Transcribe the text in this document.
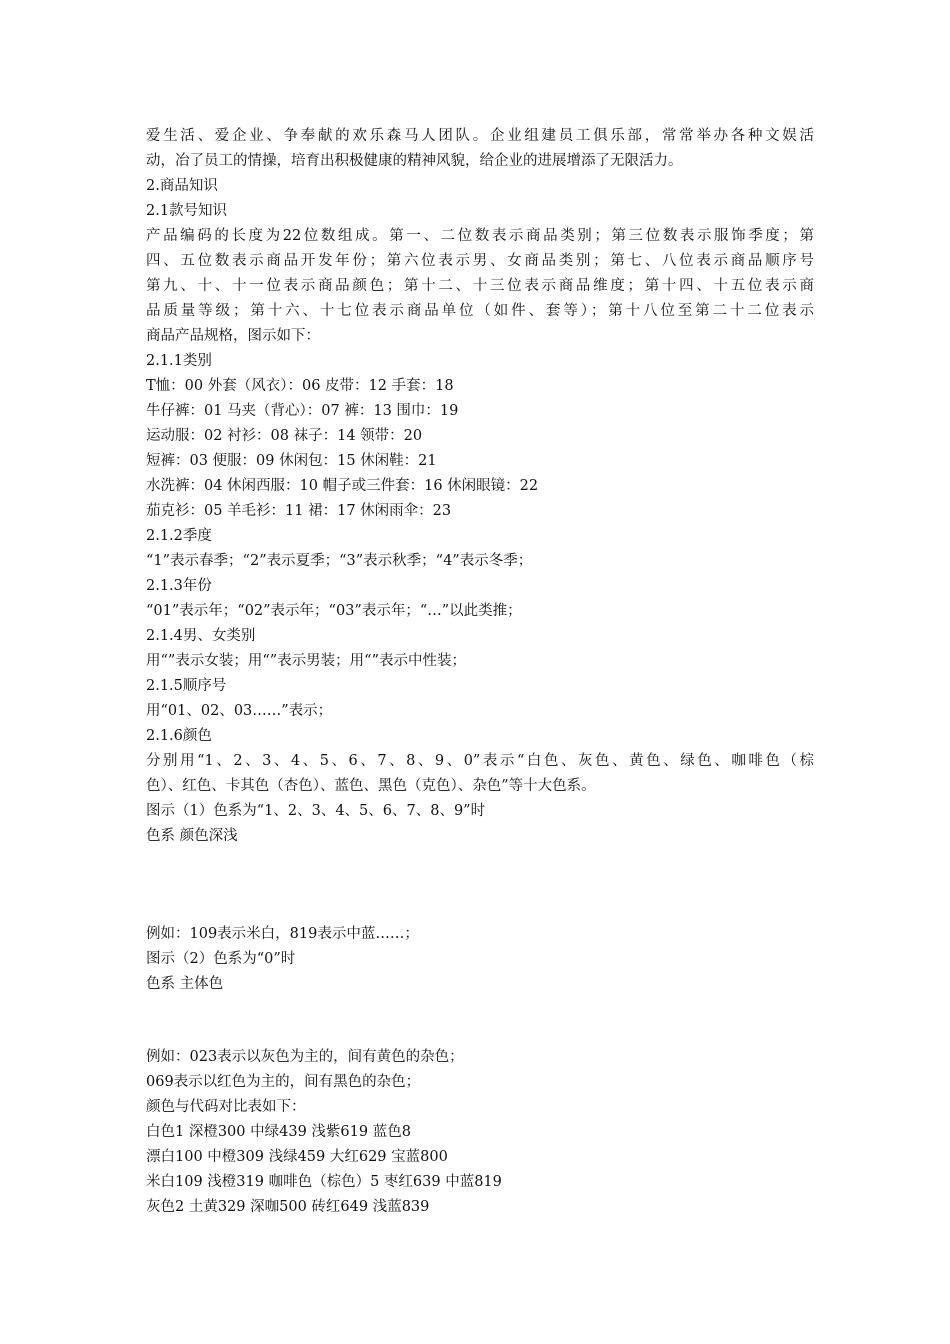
爱生活、爱企业、争奉献的欢乐森马人团队。企业组建员工俱乐部，常常举办各种文娱活
动，冶了员工的情操，培育出积极健康的精神风貌，给企业的进展增添了无限活力。
2.商品知识
2.1款号知识
产品编码的长度为22位数组成。第一、二位数表示商品类别；第三位数表示服饰季度；第
四、五位数表示商品开发年份；第六位表示男、女商品类别；第七、八位表示商品顺序号
第九、十、十一位表示商品颜色；第十二、十三位表示商品维度；第十四、十五位表示商
品质量等级；第十六、十七位表示商品单位（如件、套等）；第十八位至第二十二位表示
商品产品规格，图示如下：
2.1.1类别
T恤：00 外套（风衣）：06 皮带：12 手套：18
牛仔裤：01 马夹（背心）：07 裤：13 围巾：19
运动服：02 衬衫：08 袜子：14 领带：20
短裤：03 便服：09 休闲包：15 休闲鞋：21
水洗裤：04 休闲西服：10 帽子或三件套：16 休闲眼镜：22
茄克衫：05 羊毛衫：11 裙：17 休闲雨伞：23
2.1.2季度
“1”表示春季；“2”表示夏季；“3”表示秋季；“4”表示冬季；
2.1.3年份
“01”表示年；“02”表示年；“03”表示年；“…”以此类推；
2.1.4男、女类别
用“”表示女装；用“”表示男装；用“”表示中性装；
2.1.5顺序号
用“01、02、03……”表示；
2.1.6颜色
分别用“1、2、3、4、5、6、7、8、9、0”表示“白色、灰色、黄色、绿色、咖啡色（棕
色）、红色、卡其色（杏色）、蓝色、黑色（克色）、杂色”等十大色系。
图示（1）色系为“1、2、3、4、5、6、7、8、9”时
色系 颜色深浅
例如：109表示米白，819表示中蓝……；
图示（2）色系为“0”时
色系 主体色
例如：023表示以灰色为主的，间有黄色的杂色；
069表示以红色为主的，间有黑色的杂色；
颜色与代码对比表如下：
白色1 深橙300 中绿439 浅紫619 蓝色8
漂白100 中橙309 浅绿459 大红629 宝蓝800
米白109 浅橙319 咖啡色（棕色）5 枣红639 中蓝819
灰色2 土黄329 深咖500 砖红649 浅蓝839
